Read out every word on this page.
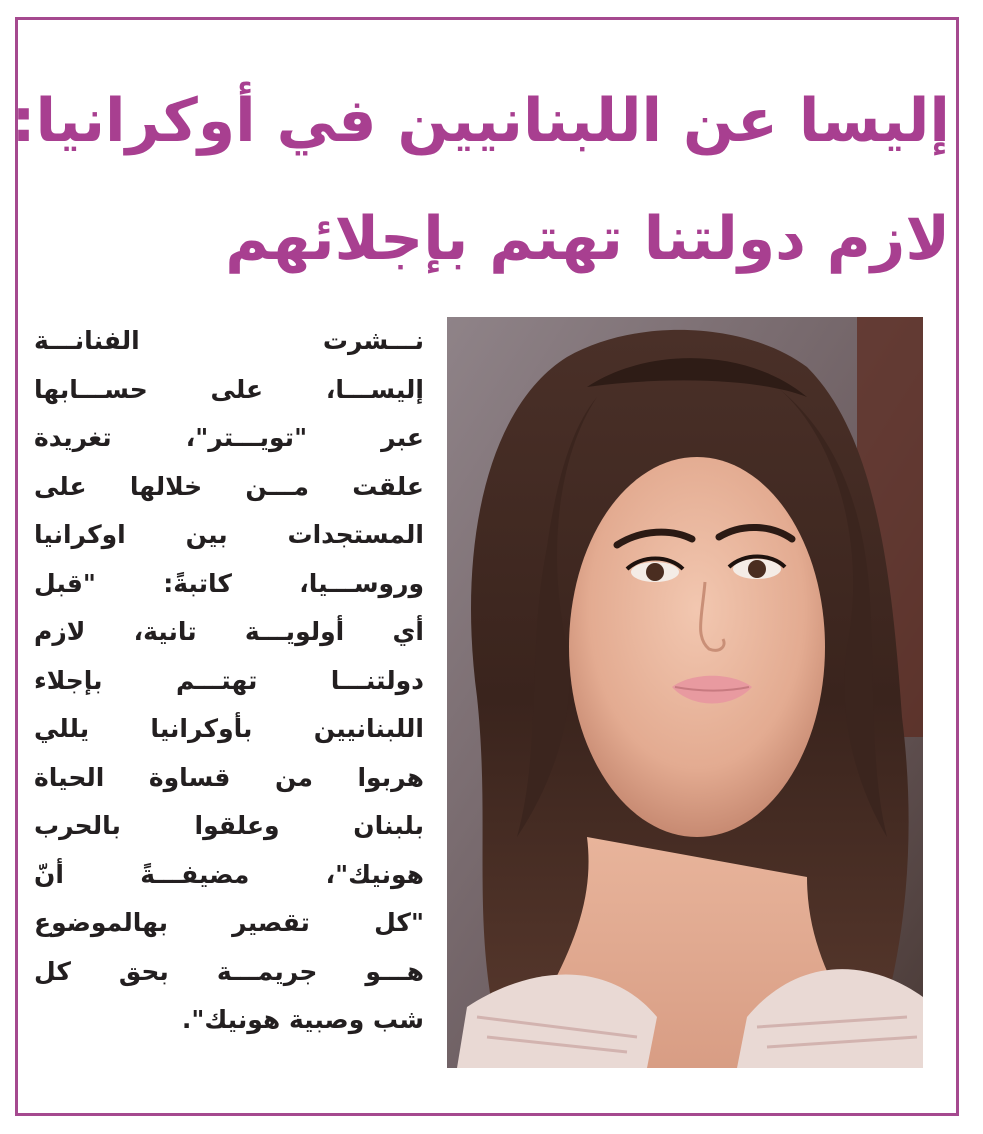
إليسا عن اللبنانيين في أوكرانيا:
لازم دولتنا تهتم بإجلائهم
نـــشرت الفنانـــة
إليســـا، على حســـابها
عبر "تويـــتر"، تغريدة
علقت مـــن خلالها على
المستجدات بين اوكرانيا
وروســـيا، كاتبةً: "قبل
أي أولويـــة تانية، لازم
دولتنـــا تهتـــم بإجلاء
اللبنانيين بأوكرانيا يللي
هربوا من قساوة الحياة
بلبنان وعلقوا بالحرب
هونيك"، مضيفـــةً أنّ
"كل تقصير بهالموضوع
هـــو جريمـــة بحق كل
شب وصبية هونيك".
